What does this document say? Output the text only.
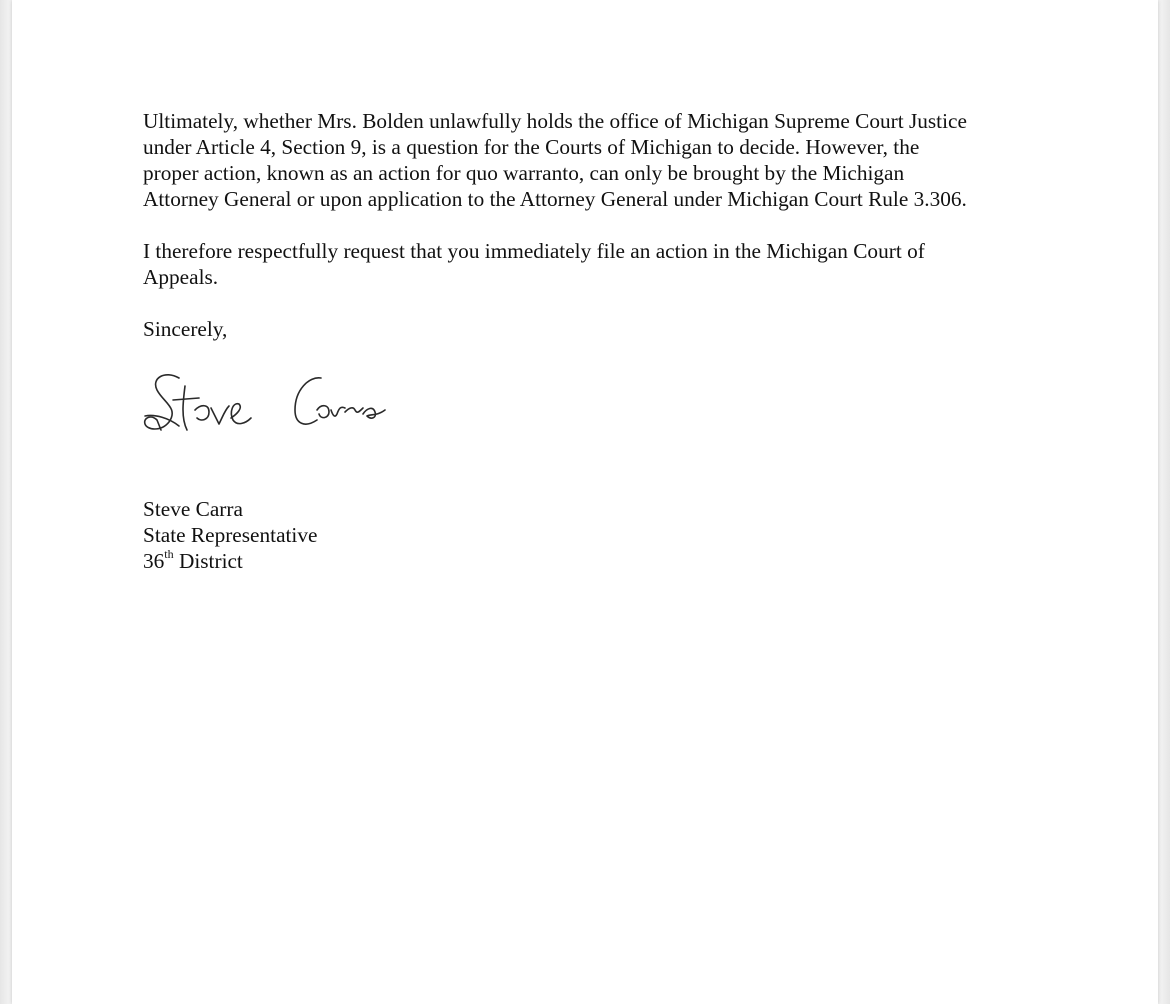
Ultimately, whether Mrs. Bolden unlawfully holds the office of Michigan Supreme Court Justice
under Article 4, Section 9, is a question for the Courts of Michigan to decide. However, the
proper action, known as an action for quo warranto, can only be brought by the Michigan
Attorney General or upon application to the Attorney General under Michigan Court Rule 3.306.

I therefore respectfully request that you immediately file an action in the Michigan Court of
Appeals.

Sincerely,

Steve Carra

State Representative

36th District
